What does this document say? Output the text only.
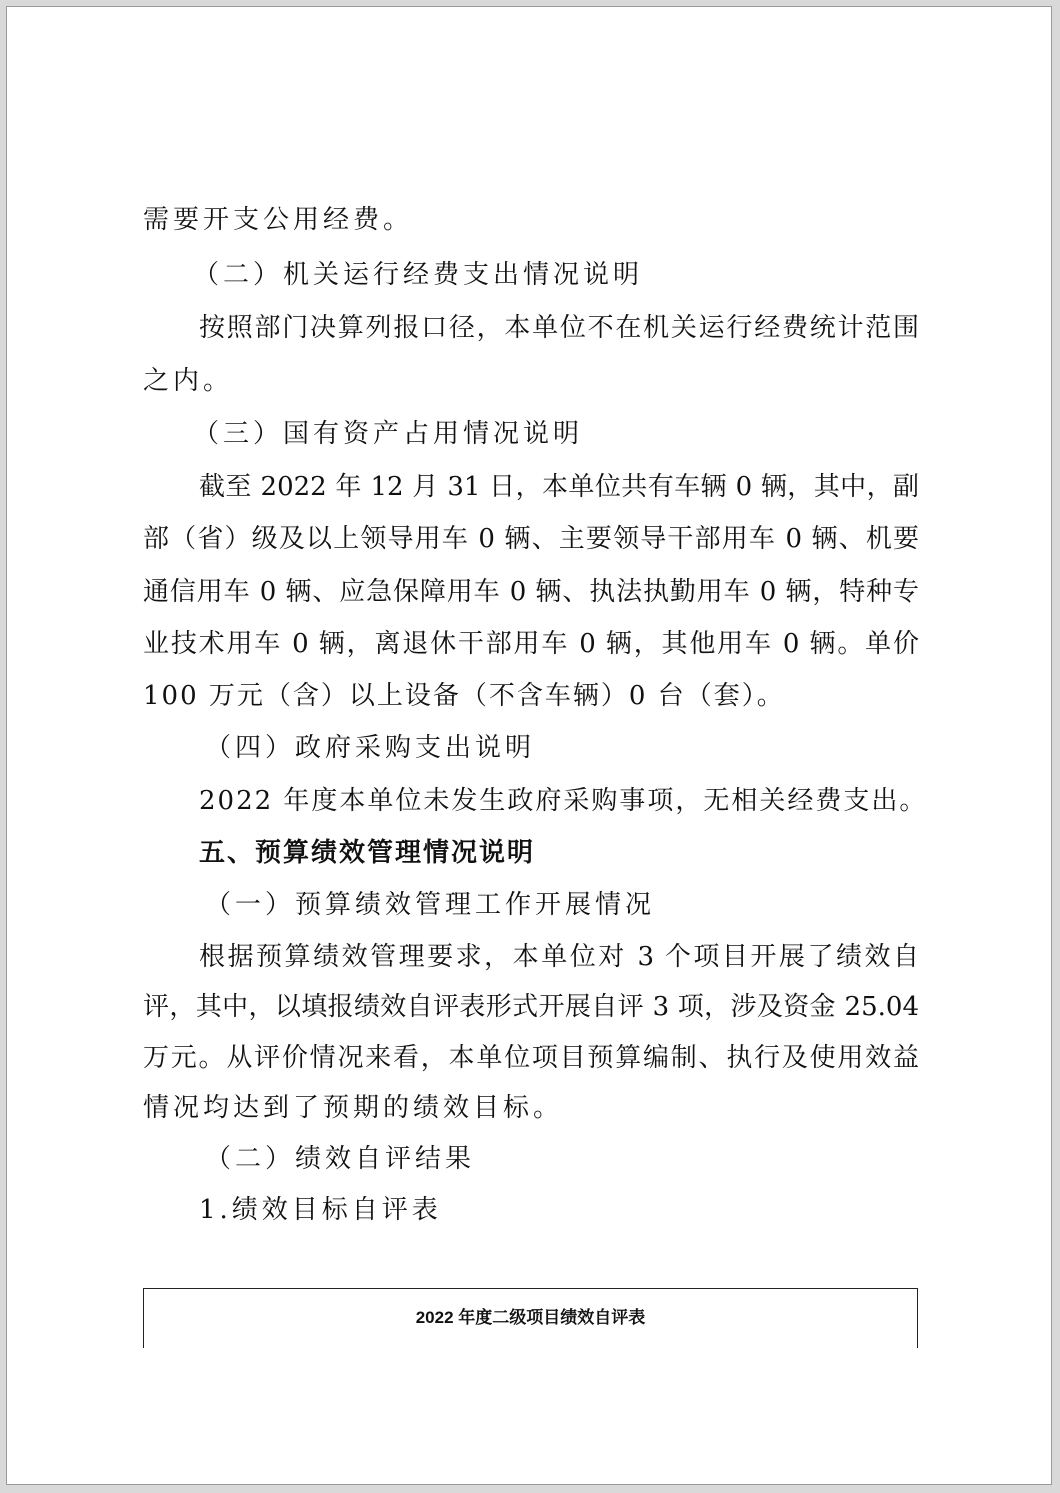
需要开支公用经费。
（二）机关运行经费支出情况说明
按照部门决算列报口径，本单位不在机关运行经费统计范围
之内。
（三）国有资产占用情况说明
截至 2022 年 12 月 31 日，本单位共有车辆 0 辆，其中，副
部（省）级及以上领导用车 0 辆、主要领导干部用车 0 辆、机要
通信用车 0 辆、应急保障用车 0 辆、执法执勤用车 0 辆，特种专
业技术用车 0 辆，离退休干部用车 0 辆，其他用车 0 辆。单价
100 万元（含）以上设备（不含车辆）0 台（套）。
（四）政府采购支出说明
2022 年度本单位未发生政府采购事项，无相关经费支出。
五、预算绩效管理情况说明
（一）预算绩效管理工作开展情况
根据预算绩效管理要求，本单位对 3 个项目开展了绩效自
评，其中，以填报绩效自评表形式开展自评 3 项，涉及资金 25.04
万元。从评价情况来看，本单位项目预算编制、执行及使用效益
情况均达到了预期的绩效目标。
（二）绩效自评结果
1.绩效目标自评表
2022 年度二级项目绩效自评表
